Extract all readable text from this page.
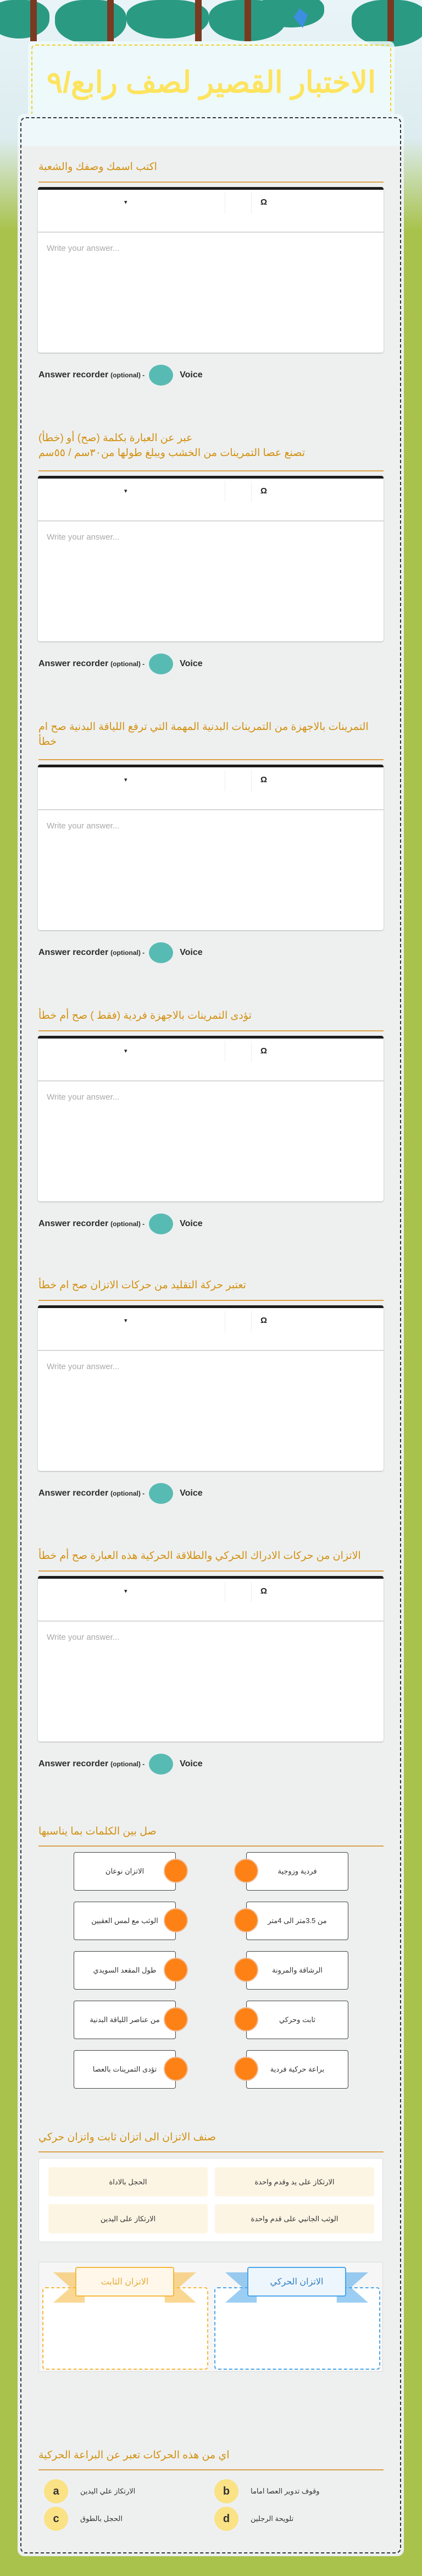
الاختبار القصير لصف رابع/٩
اكتب اسمك وصفك والشعبة
▾	Ω
Write your answer...
Answer recorder (optional) -	Voice
عبر عن العبارة بكلمة (صح) أو (خطأ)
تصنع عصا التمرينات من الخشب ويبلغ طولها من٣٠سم / ٥٥سم
▾	Ω
Write your answer...
Answer recorder (optional) -	Voice
التمرينات بالاجهزة من التمرينات البدنية المهمة التي ترفع اللياقة البدنية صح ام خطأ
▾	Ω
Write your answer...
Answer recorder (optional) -	Voice
تؤدى التمرينات بالاجهزة فردية (فقط ) صح أم خطأ
▾	Ω
Write your answer...
Answer recorder (optional) -	Voice
تعتبر حركة التقليد من حركات الاتزان صح ام خطأ
▾	Ω
Write your answer...
Answer recorder (optional) -	Voice
الاتزان من حركات الادراك الحركي والطلاقة الحركية هذه العبارة صح أم خطأ
▾	Ω
Write your answer...
Answer recorder (optional) -	Voice
صل بين الكلمات بما يناسبها
الاتزان نوعان	فردية وزوجية
الوثب مع لمس العقبين	من 3.5متر الى 4متر
طول المقعد السويدي	الرشاقة والمرونة
من عناصر اللياقة البدنية	ثابت وحركي
تؤدى التمرينات بالعصا	براعة حركية فردية
صنف الاتزان الى اتزان ثابت واتزان حركي
الارتكاز على يد وقدم واحدة
الحجل بالاداة
الوثب الجانبي على قدم واحدة
الارتكاز على اليدين
الاتزان الحركي
الاتزان الثابت
اي من هذه الحركات تعبر عن البراعة الحركية
a	الارتكاز علي اليدين	b	وقوف تدوير العصا اماما
c	الحجل بالطوق	d	تلويحة الرجلين
